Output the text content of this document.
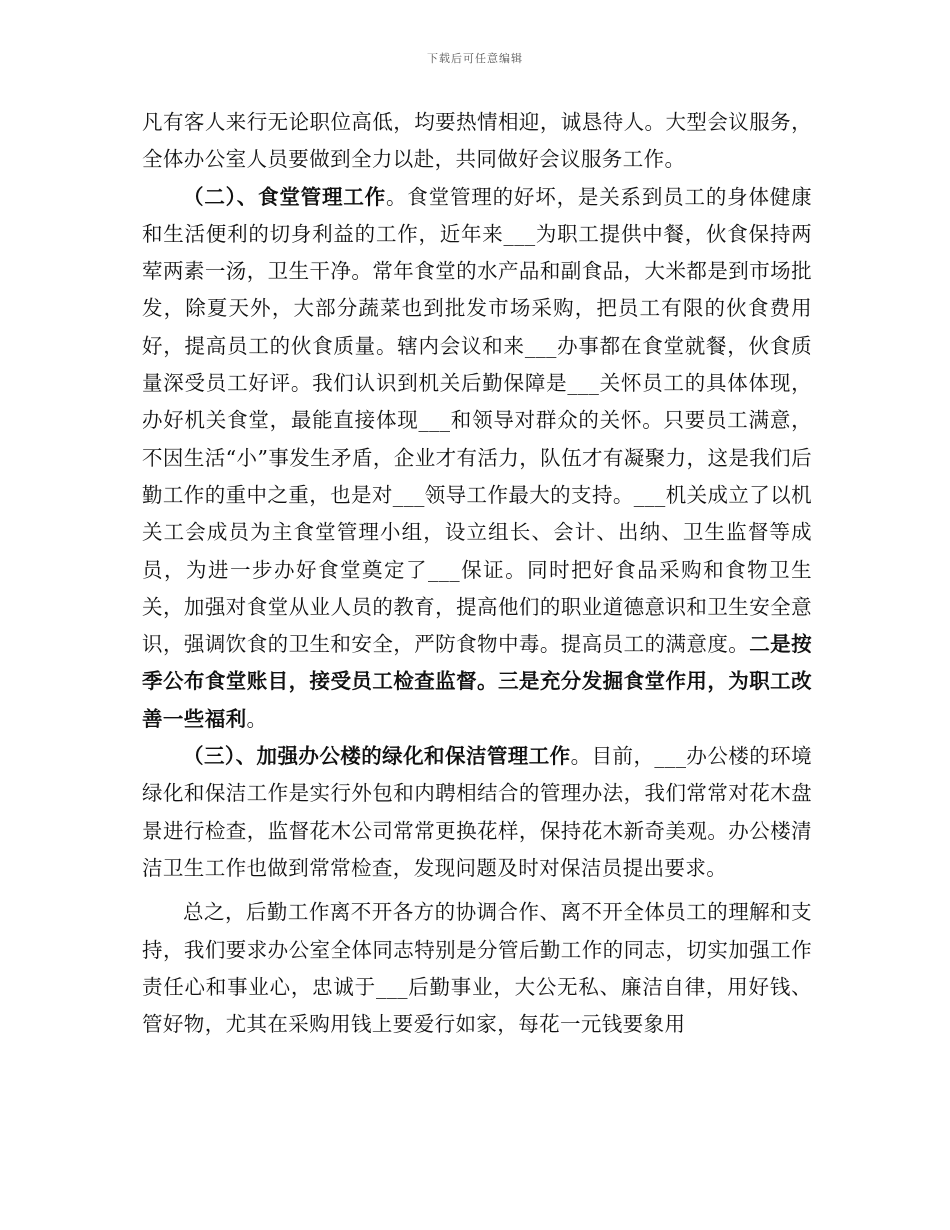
下载后可任意编辑

凡有客人来行无论职位高低，均要热情相迎，诚恳待人。大型会议服务，全体办公室人员要做到全力以赴，共同做好会议服务工作。

（二）、食堂管理工作。食堂管理的好坏，是关系到员工的身体健康和生活便利的切身利益的工作，近年来___为职工提供中餐，伙食保持两荤两素一汤，卫生干净。常年食堂的水产品和副食品，大米都是到市场批发，除夏天外，大部分蔬菜也到批发市场采购，把员工有限的伙食费用好，提高员工的伙食质量。辖内会议和来___办事都在食堂就餐，伙食质量深受员工好评。我们认识到机关后勤保障是___关怀员工的具体体现，办好机关食堂，最能直接体现___和领导对群众的关怀。只要员工满意，不因生活“小”事发生矛盾，企业才有活力，队伍才有凝聚力，这是我们后勤工作的重中之重，也是对___领导工作最大的支持。___机关成立了以机关工会成员为主食堂管理小组，设立组长、会计、出纳、卫生监督等成员，为进一步办好食堂奠定了___保证。同时把好食品采购和食物卫生关，加强对食堂从业人员的教育，提高他们的职业道德意识和卫生安全意识，强调饮食的卫生和安全，严防食物中毒。提高员工的满意度。二是按季公布食堂账目，接受员工检查监督。三是充分发掘食堂作用，为职工改善一些福利。

（三）、加强办公楼的绿化和保洁管理工作。目前，___办公楼的环境绿化和保洁工作是实行外包和内聘相结合的管理办法，我们常常对花木盘景进行检查，监督花木公司常常更换花样，保持花木新奇美观。办公楼清洁卫生工作也做到常常检查，发现问题及时对保洁员提出要求。

总之，后勤工作离不开各方的协调合作、离不开全体员工的理解和支持，我们要求办公室全体同志特别是分管后勤工作的同志，切实加强工作责任心和事业心，忠诚于___后勤事业，大公无私、廉洁自律，用好钱、管好物，尤其在采购用钱上要爱行如家，每花一元钱要象用
